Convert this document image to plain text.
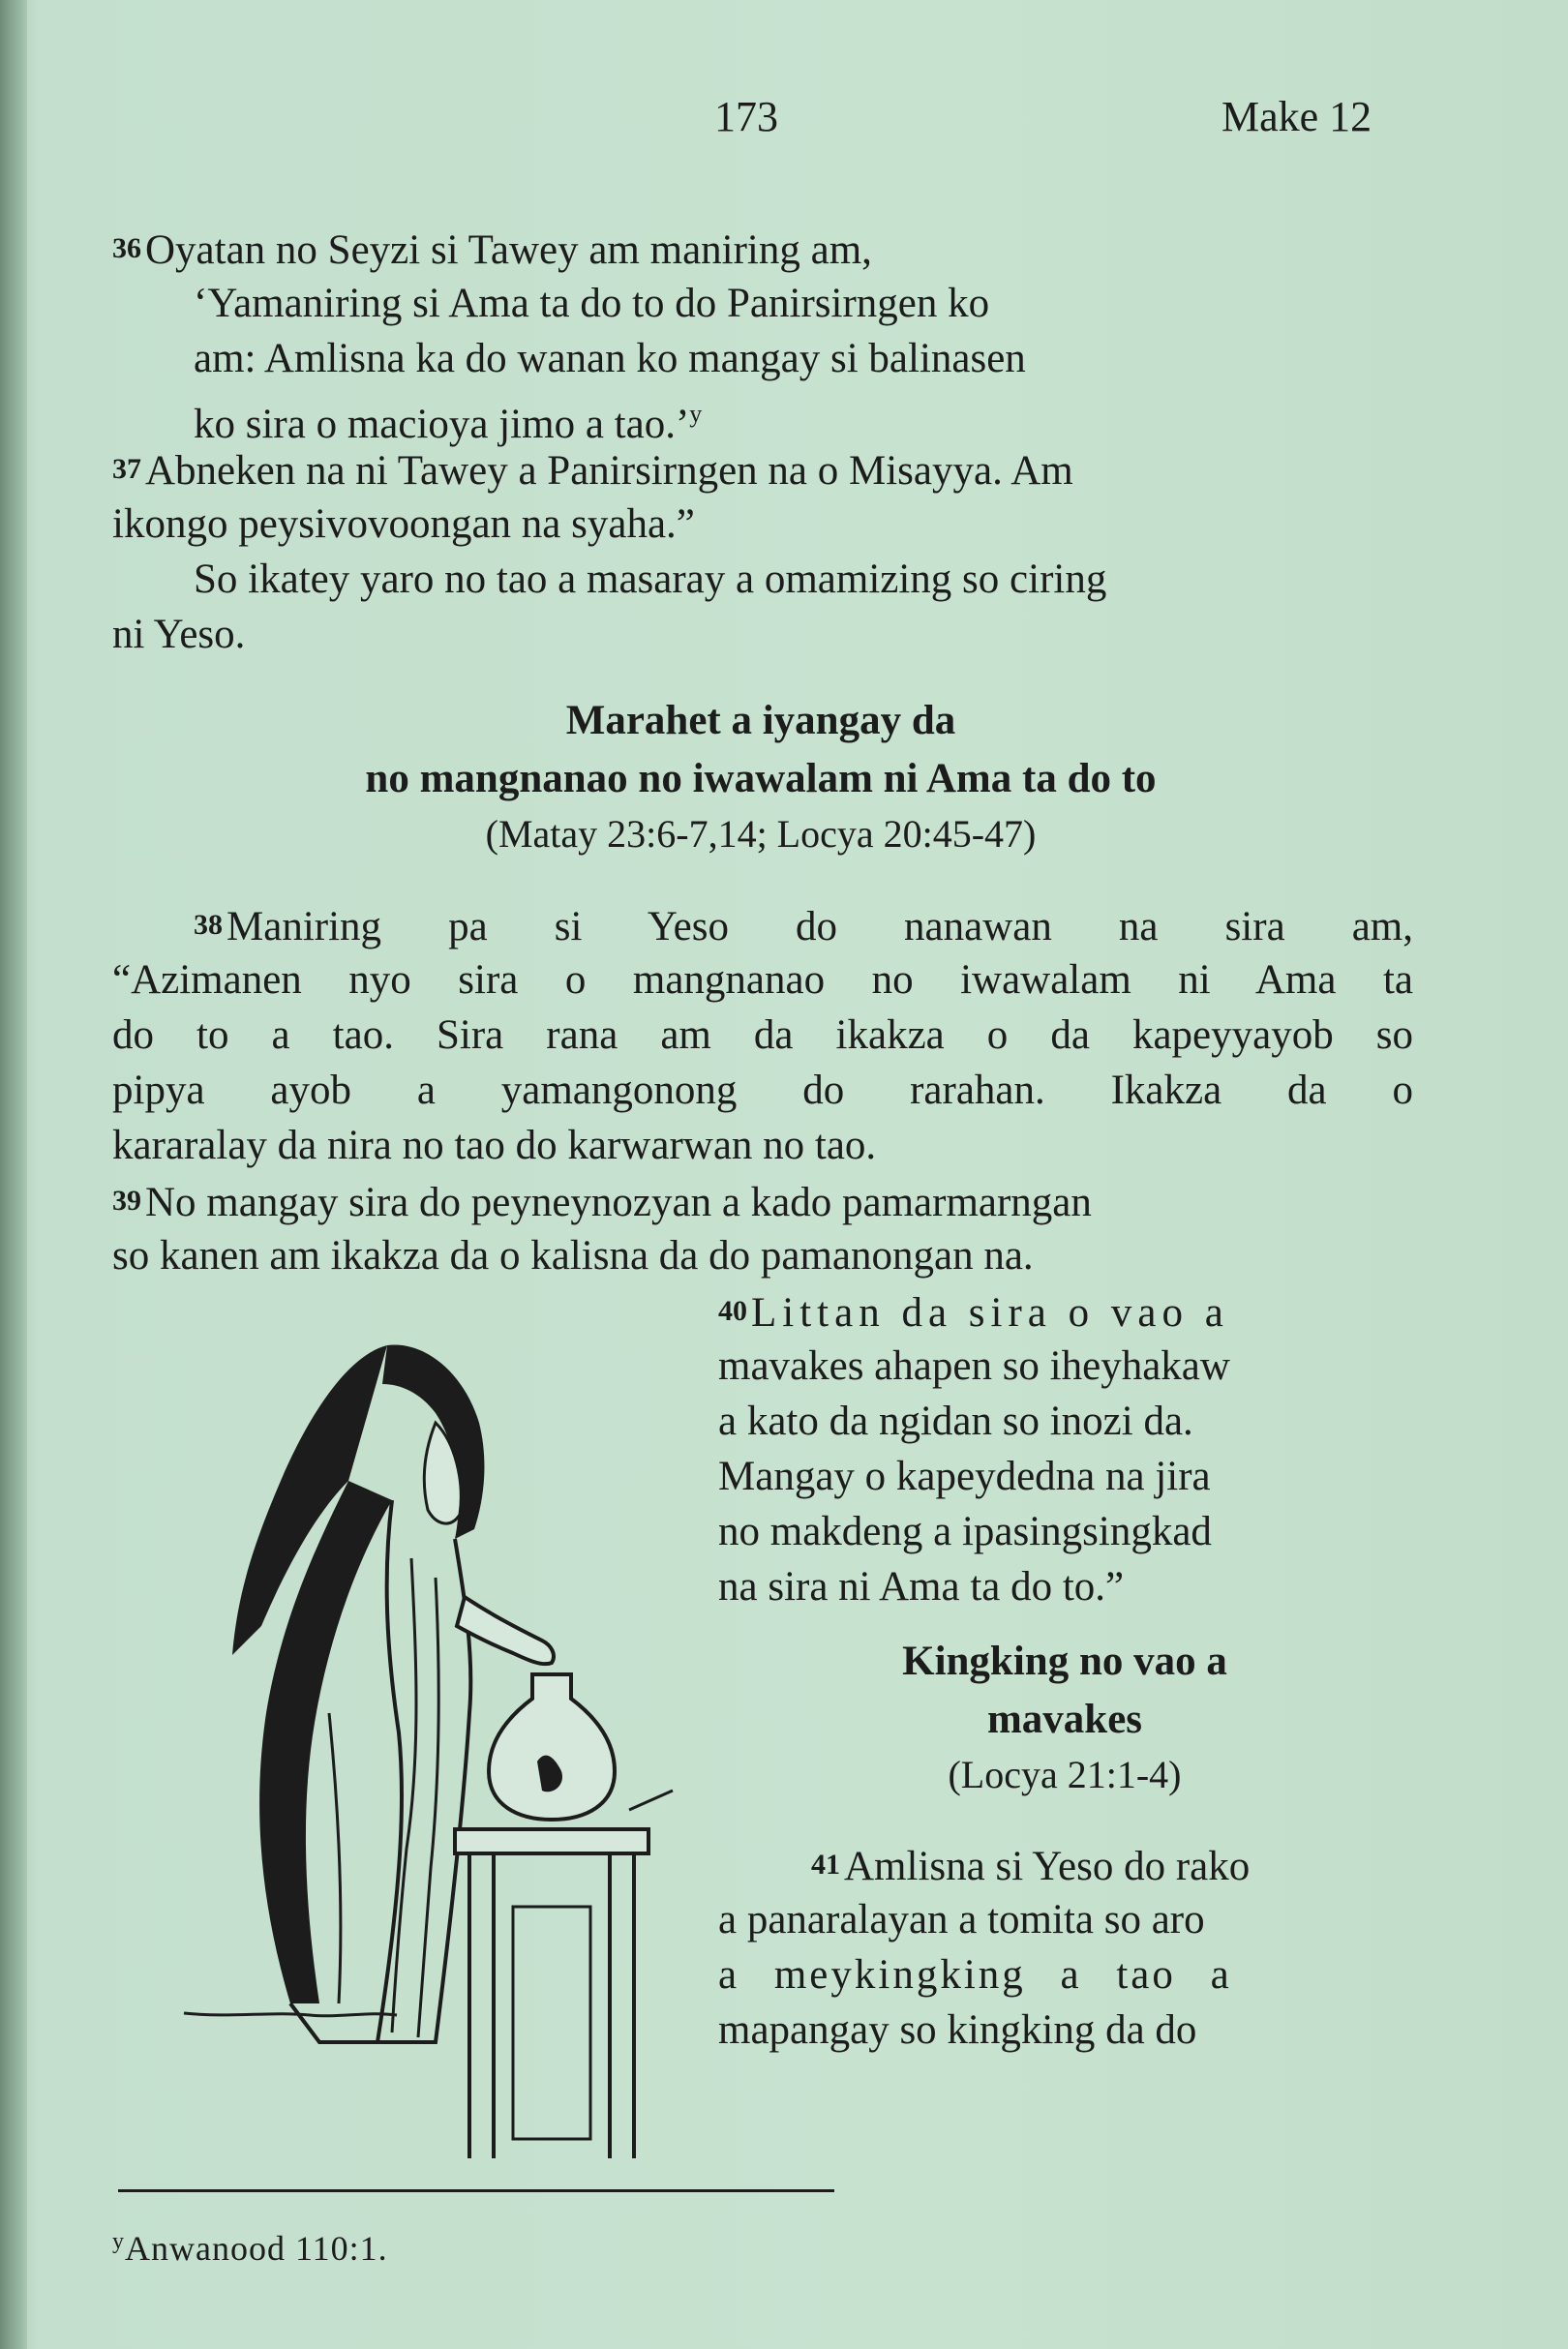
173	Make 12
36Oyatan no Seyzi si Tawey am maniring am,
‘Yamaniring si Ama ta do to do Panirsirngen ko
am: Amlisna ka do wanan ko mangay si balinasen
ko sira o macioya jimo a tao.’$^y$
37Abneken na ni Tawey a Panirsirngen na o Misayya. Am
ikongo peysivovoongan na syaha.”
So ikatey yaro no tao a masaray a omamizing so ciring
ni Yeso.
Marahet a iyangay da
no mangnanao no iwawalam ni Ama ta do to
(Matay 23:6-7,14; Locya 20:45-47)
38Maniring pa si Yeso do nanawan na sira am,
“Azimanen nyo sira o mangnanao no iwawalam ni Ama ta
do to a tao. Sira rana am da ikakza o da kapeyyayob so
pipya ayob a yamangonong do rarahan. Ikakza da o
kararalay da nira no tao do karwarwan no tao.
39No mangay sira do peyneynozyan a kado pamarmarngan
so kanen am ikakza da o kalisna da do pamanongan na.
40Littan da sira o vao a
mavakes ahapen so iheyhakaw
a kato da ngidan so inozi da.
Mangay o kapeydedna na jira
no makdeng a ipasingsingkad
na sira ni Ama ta do to.”
Kingking no vao a
mavakes
(Locya 21:1-4)
41Amlisna si Yeso do rako
a panaralayan a tomita so aro
a meykingking a tao a
mapangay so kingking da do
$^y$Anwanood 110:1.
